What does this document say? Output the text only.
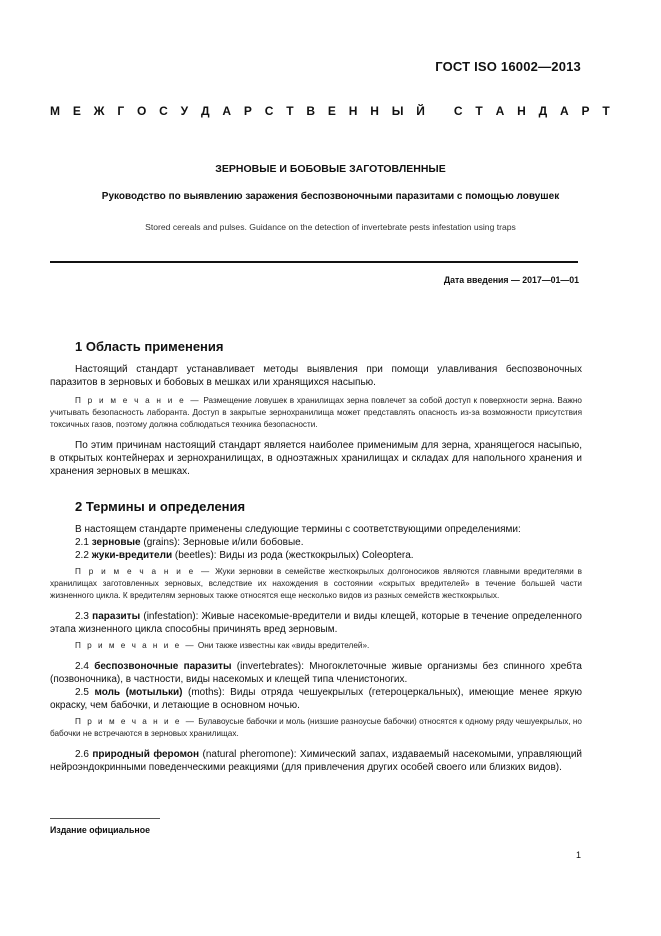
ГОСТ ISO 16002—2013
М Е Ж Г О С У Д А Р С Т В Е Н Н Ы Й
С Т А Н Д А Р Т
ЗЕРНОВЫЕ И БОБОВЫЕ ЗАГОТОВЛЕННЫЕ
Руководство по выявлению заражения беспозвоночными паразитами с помощью ловушек
Stored cereals and pulses. Guidance on the detection of invertebrate pests infestation using traps
Дата введения — 2017—01—01
1 Область применения

Настоящий стандарт устанавливает методы выявления при помощи улавливания беспозвоночных паразитов в зерновых и бобовых в мешках или хранящихся насыпью.

П р и м е ч а н и е — Размещение ловушек в хранилищах зерна повлечет за собой доступ к поверхности зерна. Важно учитывать безопасность лаборанта. Доступ в закрытые зернохранилища может представлять опасность из-за возможности присутствия токсичных газов, поэтому должна соблюдаться техника безопасности.

По этим причинам настоящий стандарт является наиболее применимым для зерна, хранящегося насыпью, в открытых контейнерах и зернохранилищах, в одноэтажных хранилищах и складах для напольного хранения и хранения зерновых в мешках.

2 Термины и определения

В настоящем стандарте применены следующие термины с соответствующими определениями:

2.1 зерновые (grains): Зерновые и/или бобовые.

2.2 жуки-вредители (beetles): Виды из рода (жесткокрылых) Coleoptera.

П р и м е ч а н и е — Жуки зерновки в семействе жесткокрылых долгоносиков являются главными вредителями в хранилищах заготовленных зерновых, вследствие их нахождения в состоянии «скрытых вредителей» в течение большей части жизненного цикла. К вредителям зерновых также относятся еще несколько видов из разных семейств жесткокрылых.

2.3 паразиты (infestation): Живые насекомые-вредители и виды клещей, которые в течение определенного этапа жизненного цикла способны причинять вред зерновым.

П р и м е ч а н и е — Они также известны как «виды вредителей».

2.4 беспозвоночные паразиты (invertebrates): Многоклеточные живые организмы без спинного хребта (позвоночника), в частности, виды насекомых и клещей типа членистоногих.

2.5 моль (мотыльки) (moths): Виды отряда чешуекрылых (гетероцеркальных), имеющие менее яркую окраску, чем бабочки, и летающие в основном ночью.

П р и м е ч а н и е — Булавоусые бабочки и моль (низшие разноусые бабочки) относятся к одному ряду чешуекрылых, но бабочки не встречаются в зерновых хранилищах.

2.6 природный феромон (natural pheromone): Химический запах, издаваемый насекомыми, управляющий нейроэндокринными поведенческими реакциями (для привлечения других особей своего или близких видов).

Издание официальное
1
